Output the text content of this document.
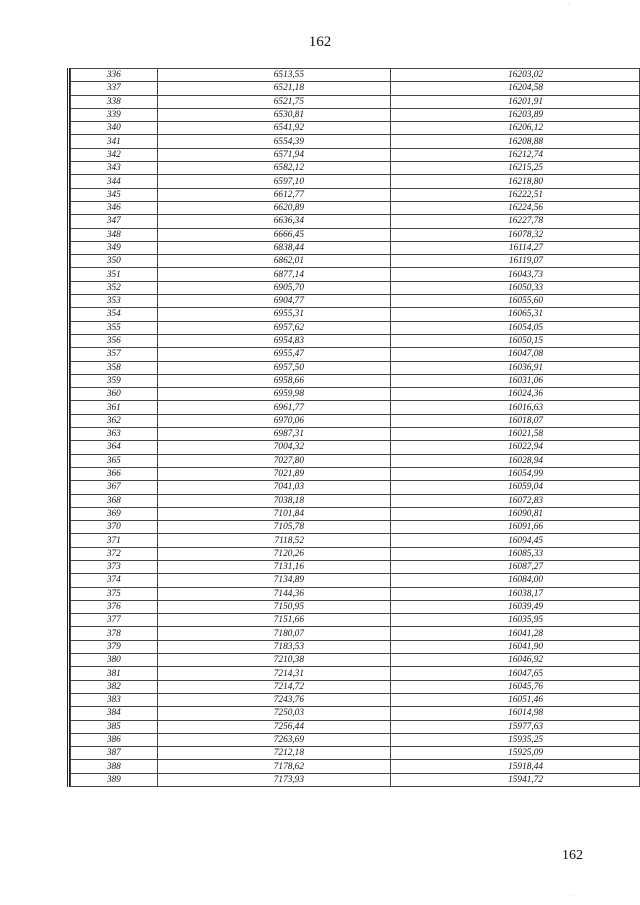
162
336	6513,55	16203,02
337	6521,18	16204,58
338	6521,75	16201,91
339	6530,81	16203,89
340	6541,92	16206,12
341	6554,39	16208,88
342	6571,94	16212,74
343	6582,12	16215,25
344	6597,10	16218,80
345	6612,77	16222,51
346	6620,89	16224,56
347	6636,34	16227,78
348	6666,45	16078,32
349	6838,44	16114,27
350	6862,01	16119,07
351	6877,14	16043,73
352	6905,70	16050,33
353	6904,77	16055,60
354	6955,31	16065,31
355	6957,62	16054,05
356	6954,83	16050,15
357	6955,47	16047,08
358	6957,50	16036,91
359	6958,66	16031,06
360	6959,98	16024,36
361	6961,77	16016,63
362	6970,06	16018,07
363	6987,31	16021,58
364	7004,32	16022,94
365	7027,80	16028,94
366	7021,89	16054,99
367	7041,03	16059,04
368	7038,18	16072,83
369	7101,84	16090,81
370	7105,78	16091,66
371	7118,52	16094,45
372	7120,26	16085,33
373	7131,16	16087,27
374	7134,89	16084,00
375	7144,36	16038,17
376	7150,95	16039,49
377	7151,66	16035,95
378	7180,07	16041,28
379	7183,53	16041,90
380	7210,38	16046,92
381	7214,31	16047,65
382	7214,72	16045,76
383	7243,76	16051,46
384	7250,03	16014,98
385	7256,44	15977,63
386	7263,69	15935,25
387	7212,18	15925,09
388	7178,62	15918,44
389	7173,93	15941,72
162
·
·
